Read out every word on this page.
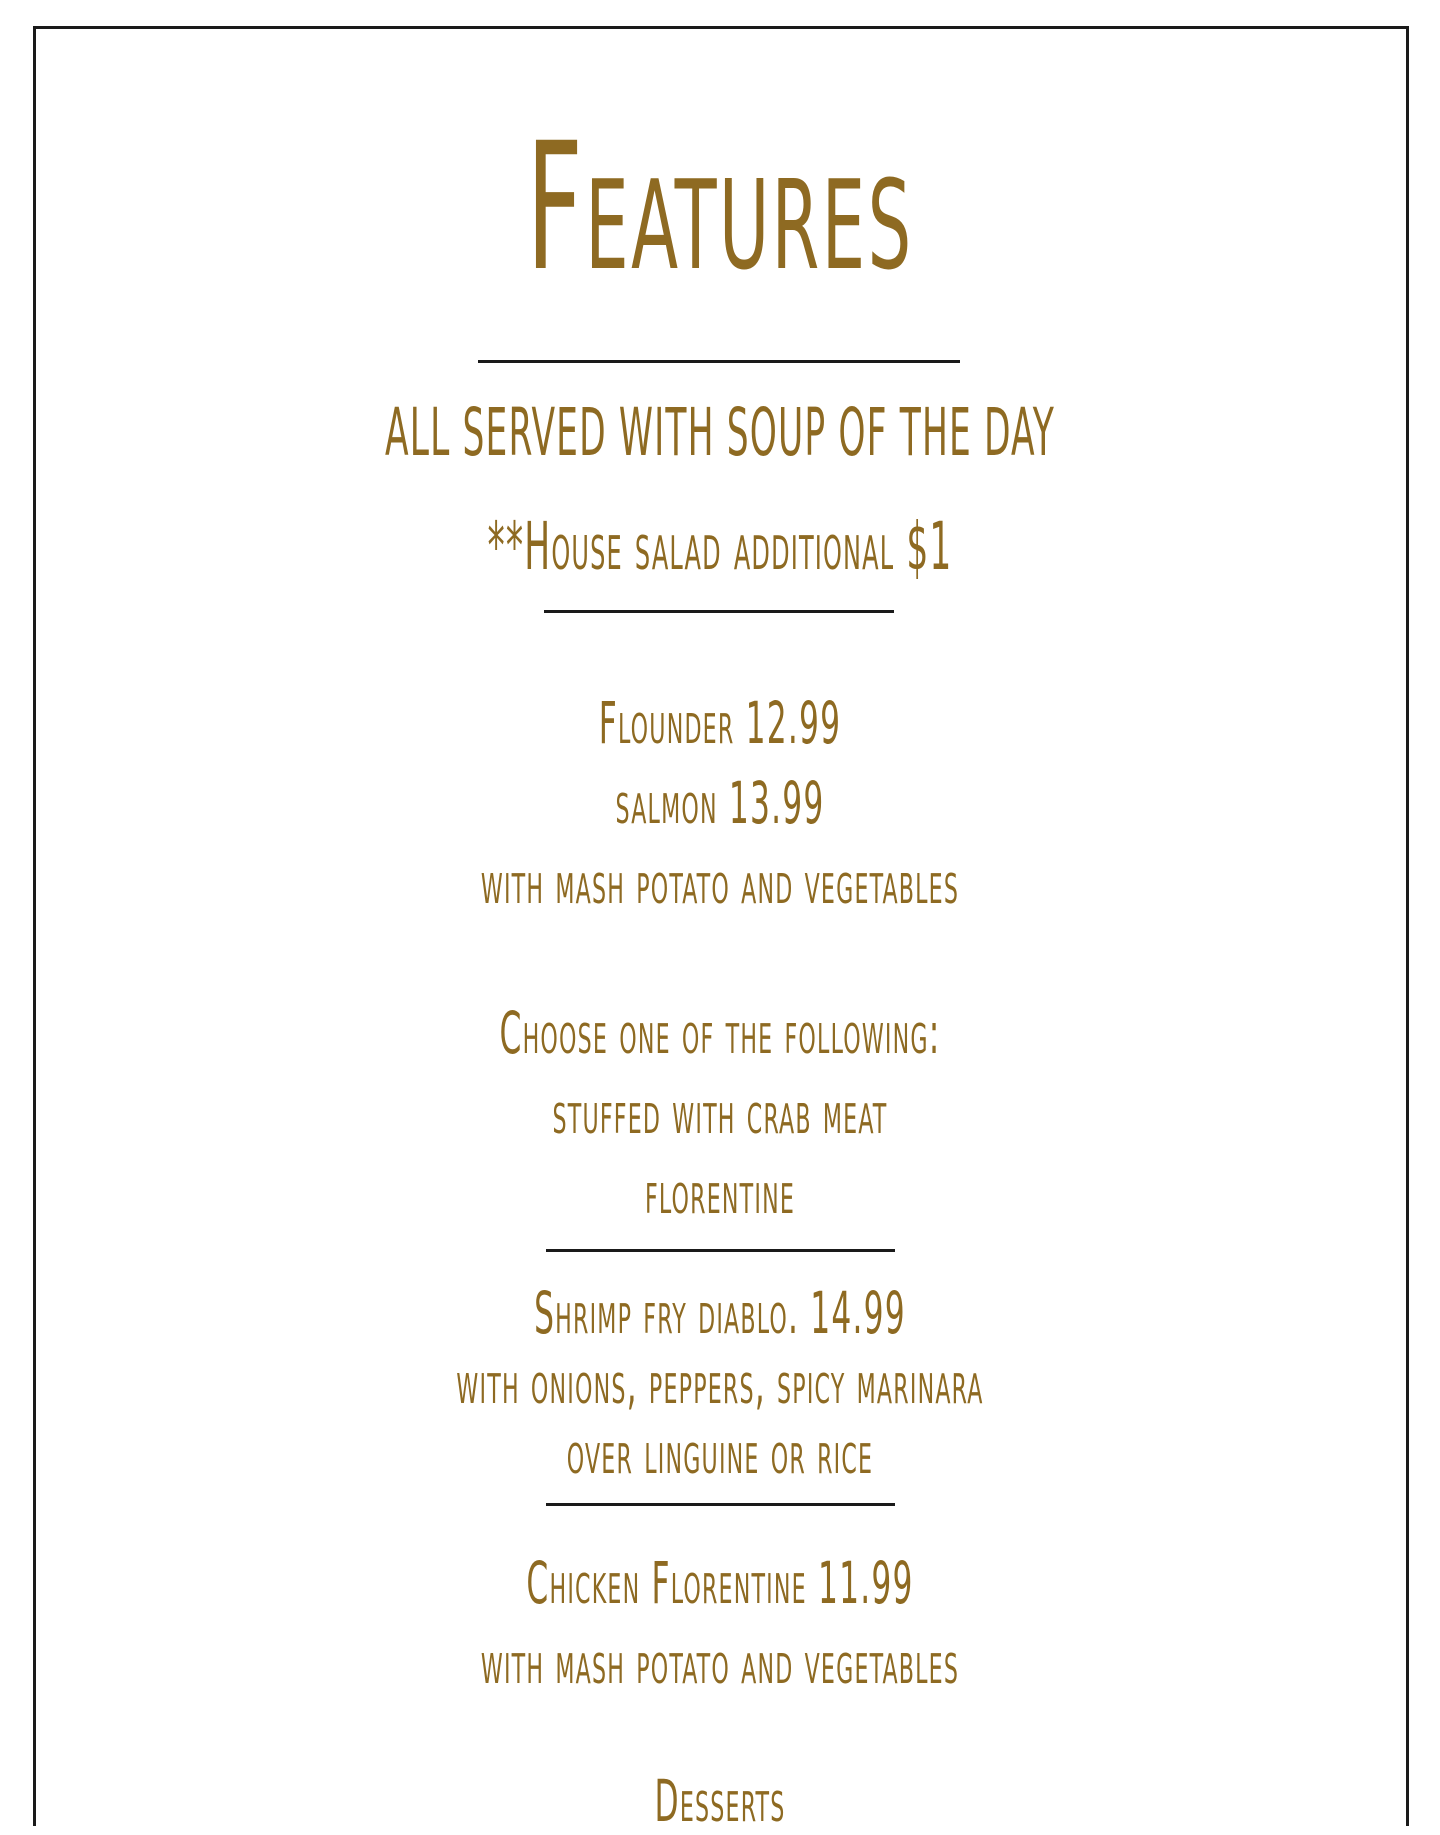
Features
ALL SERVED WITH SOUP OF THE DAY
**House salad additional $1
Flounder 12.99
salmon 13.99
with mash potato and vegetables
Choose one of the following:
stuffed with crab meat
florentine
Shrimp fry diablo. 14.99
with onions, peppers, spicy marinara
over linguine or rice
Chicken Florentine 11.99
with mash potato and vegetables
Desserts
